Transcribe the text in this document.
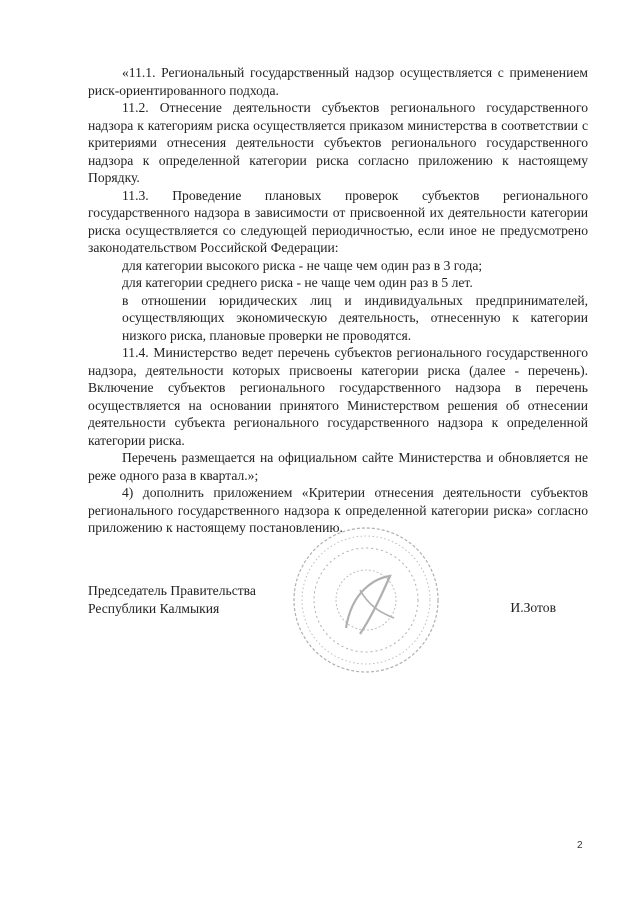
«11.1. Региональный государственный надзор осуществляется с применением риск-ориентированного подхода.

11.2. Отнесение деятельности субъектов регионального государственного надзора к категориям риска осуществляется приказом министерства в соответствии с критериями отнесения деятельности субъектов регионального государственного надзора к определенной категории риска согласно приложению к настоящему Порядку.

11.3. Проведение плановых проверок субъектов регионального государственного надзора в зависимости от присвоенной их деятельности категории риска осуществляется со следующей периодичностью, если иное не предусмотрено законодательством Российской Федерации:

для категории высокого риска - не чаще чем один раз в 3 года;

для категории среднего риска - не чаще чем один раз в 5 лет.

в отношении юридических лиц и индивидуальных предпринимателей, осуществляющих экономическую деятельность, отнесенную к категории низкого риска, плановые проверки не проводятся.

11.4. Министерство ведет перечень субъектов регионального государственного надзора, деятельности которых присвоены категории риска (далее - перечень). Включение субъектов регионального государственного надзора в перечень осуществляется на основании принятого Министерством решения об отнесении деятельности субъекта регионального государственного надзора к определенной категории риска.

Перечень размещается на официальном сайте Министерства и обновляется не реже одного раза в квартал.»;

4) дополнить приложением «Критерии отнесения деятельности субъектов регионального государственного надзора к определенной категории риска» согласно приложению к настоящему постановлению.

Председатель Правительства
Республики Калмыкия	И.Зотов
2
